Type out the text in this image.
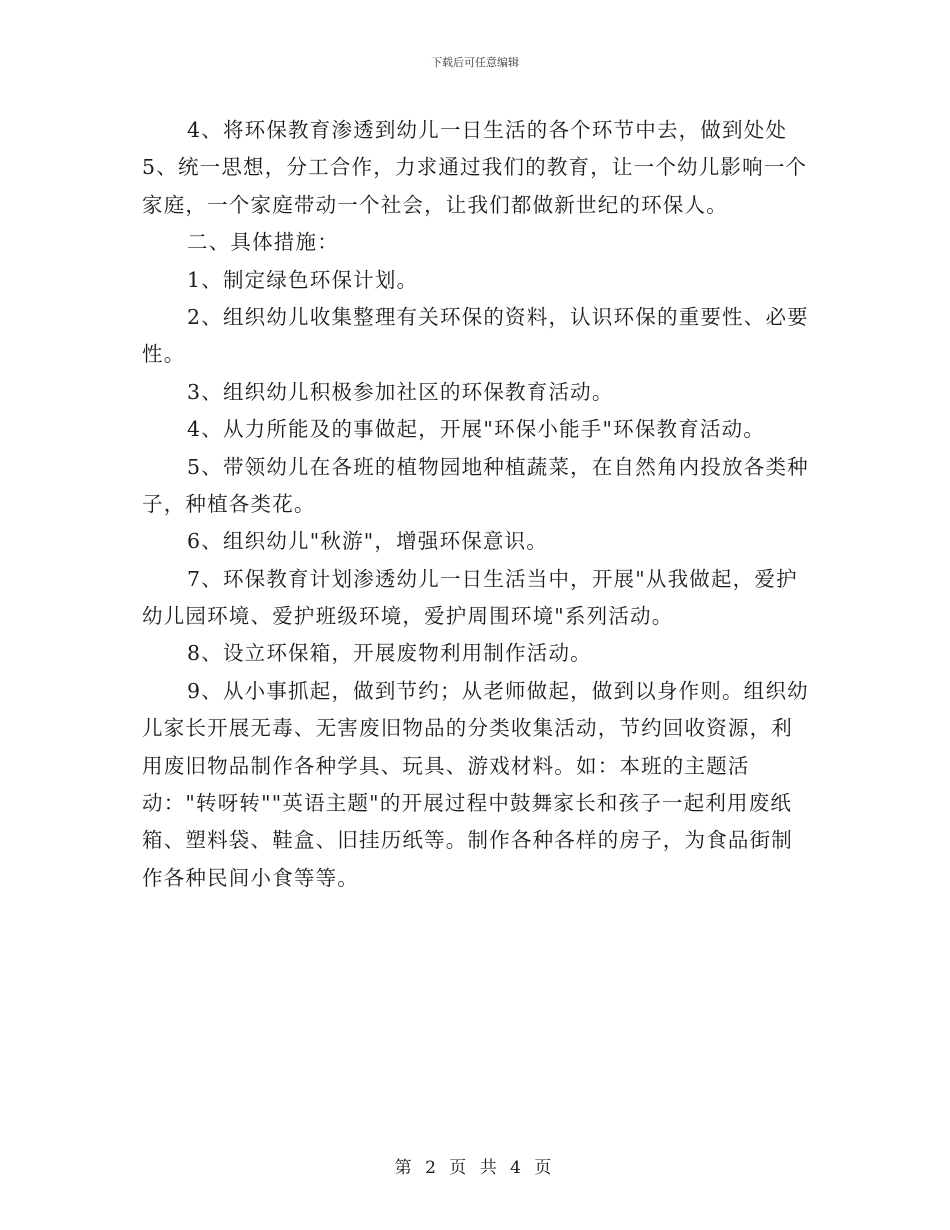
下载后可任意编辑
4、将环保教育渗透到幼儿一日生活的各个环节中去，做到处处
5、统一思想，分工合作，力求通过我们的教育，让一个幼儿影响一个
家庭，一个家庭带动一个社会，让我们都做新世纪的环保人。
二、具体措施：
1、制定绿色环保计划。
2、组织幼儿收集整理有关环保的资料，认识环保的重要性、必要
性。
3、组织幼儿积极参加社区的环保教育活动。
4、从力所能及的事做起，开展"环保小能手"环保教育活动。
5、带领幼儿在各班的植物园地种植蔬菜，在自然角内投放各类种
子，种植各类花。
6、组织幼儿"秋游"，增强环保意识。
7、环保教育计划渗透幼儿一日生活当中，开展"从我做起，爱护
幼儿园环境、爱护班级环境，爱护周围环境"系列活动。
8、设立环保箱，开展废物利用制作活动。
9、从小事抓起，做到节约；从老师做起，做到以身作则。组织幼
儿家长开展无毒、无害废旧物品的分类收集活动，节约回收资源，利
用废旧物品制作各种学具、玩具、游戏材料。如：本班的主题活
动："转呀转""英语主题"的开展过程中鼓舞家长和孩子一起利用废纸
箱、塑料袋、鞋盒、旧挂历纸等。制作各种各样的房子，为食品街制
作各种民间小食等等。
第 2 页 共 4 页
